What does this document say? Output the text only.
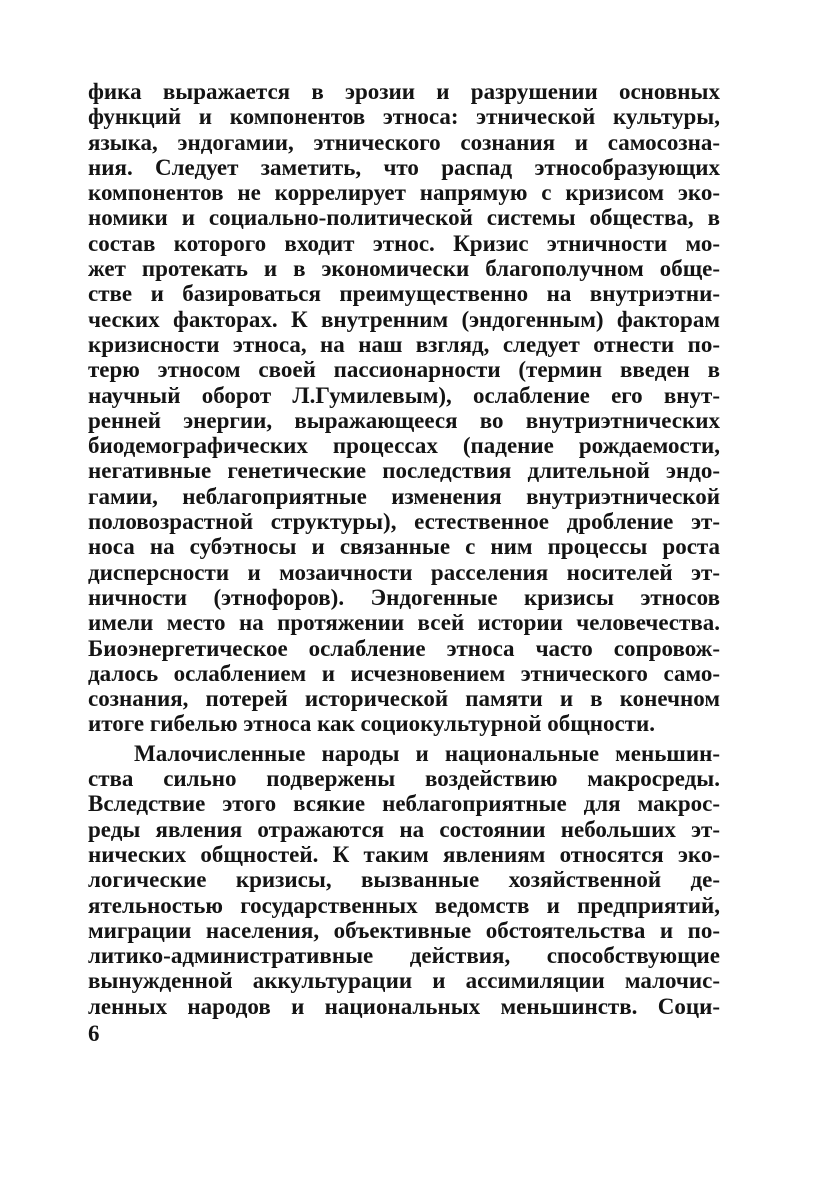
фика выражается в эрозии и разрушении основных
функций и компонентов этноса: этнической культуры,
языка, эндогамии, этнического сознания и самосозна-
ния. Следует заметить, что распад этнособразующих
компонентов не коррелирует напрямую с кризисом эко-
номики и социально-политической системы общества, в
состав которого входит этнос. Кризис этничности мо-
жет протекать и в экономически благополучном обще-
стве и базироваться преимущественно на внутриэтни-
ческих факторах. К внутренним (эндогенным) факторам
кризисности этноса, на наш взгляд, следует отнести по-
терю этносом своей пассионарности (термин введен в
научный оборот Л.Гумилевым), ослабление его внут-
ренней энергии, выражающееся во внутриэтнических
биодемографических процессах (падение рождаемости,
негативные генетические последствия длительной эндо-
гамии, неблагоприятные изменения внутриэтнической
половозрастной структуры), естественное дробление эт-
носа на субэтносы и связанные с ним процессы роста
дисперсности и мозаичности расселения носителей эт-
ничности (этнофоров). Эндогенные кризисы этносов
имели место на протяжении всей истории человечества.
Биоэнергетическое ослабление этноса часто сопровож-
далось ослаблением и исчезновением этнического само-
сознания, потерей исторической памяти и в конечном
итоге гибелью этноса как социокультурной общности.
Малочисленные народы и национальные меньшин-
ства сильно подвержены воздействию макросреды.
Вследствие этого всякие неблагоприятные для макрос-
реды явления отражаются на состоянии небольших эт-
нических общностей. К таким явлениям относятся эко-
логические кризисы, вызванные хозяйственной де-
ятельностью государственных ведомств и предприятий,
миграции населения, объективные обстоятельства и по-
литико-административные действия, способствующие
вынужденной аккультурации и ассимиляции малочис-
ленных народов и национальных меньшинств. Соци-
6
